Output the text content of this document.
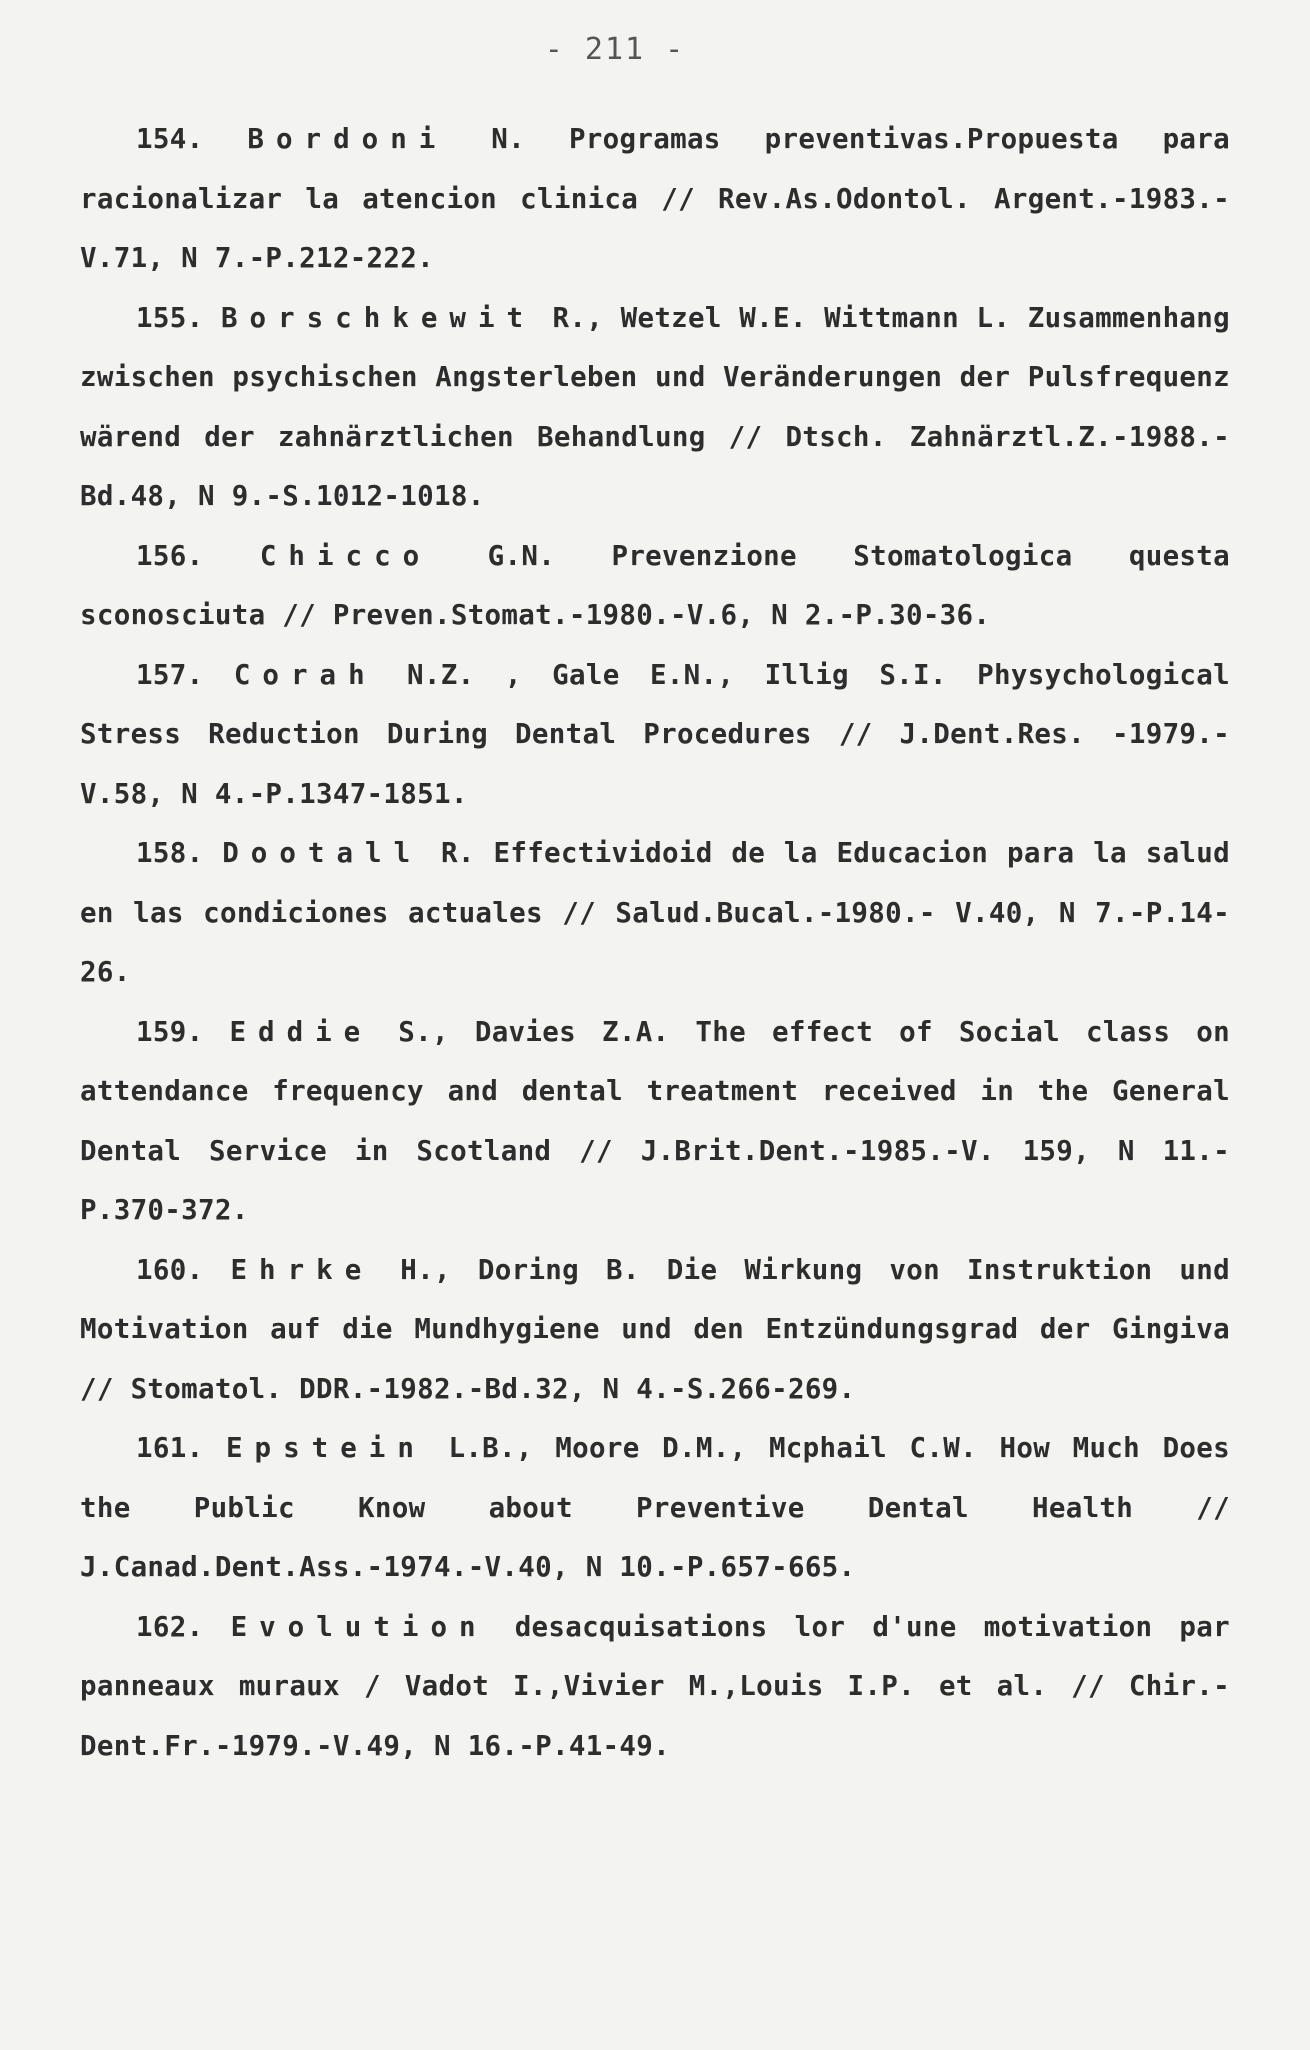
- 211 -

154. Bordoni N. Programas preventivas.Propuesta para racionalizar la atencion clinica // Rev.As.Odontol. Argent.-1983.-V.71, N 7.-P.212-222.

155. Borschkewit R., Wetzel W.E. Wittmann L. Zusammenhang zwischen psychischen Angsterleben und Veränderungen der Pulsfrequenz wärend der zahnärztlichen Behandlung // Dtsch. Zahnärztl.Z.-1988.-Bd.48, N 9.-S.1012-1018.

156. Chicco G.N. Prevenzione Stomatologica questa sconosciuta // Preven.Stomat.-1980.-V.6, N 2.-P.30-36.

157. Corah N.Z. , Gale E.N., Illig S.I. Physychological Stress Reduction During Dental Procedures // J.Dent.Res. -1979.-V.58, N 4.-P.1347-1851.

158. Dootall R. Effectividoid de la Educacion para la salud en las condiciones actuales // Salud.Bucal.-1980.- V.40, N 7.-P.14-26.

159. Eddie S., Davies Z.A. The effect of Social class on attendance frequency and dental treatment received in the General Dental Service in Scotland // J.Brit.Dent.-1985.-V. 159, N 11.-P.370-372.

160. Ehrke H., Doring B. Die Wirkung von Instruktion und Motivation auf die Mundhygiene und den Entzündungsgrad der Gingiva // Stomatol. DDR.-1982.-Bd.32, N 4.-S.266-269.

161. Epstein L.B., Moore D.M., Mcphail C.W. How Much Does the Public Know about Preventive Dental Health // J.Canad.Dent.Ass.-1974.-V.40, N 10.-P.657-665.

162. Evolution desacquisations lor d'une motivation par panneaux muraux / Vadot I.,Vivier M.,Louis I.P. et al. // Chir.-Dent.Fr.-1979.-V.49, N 16.-P.41-49.
